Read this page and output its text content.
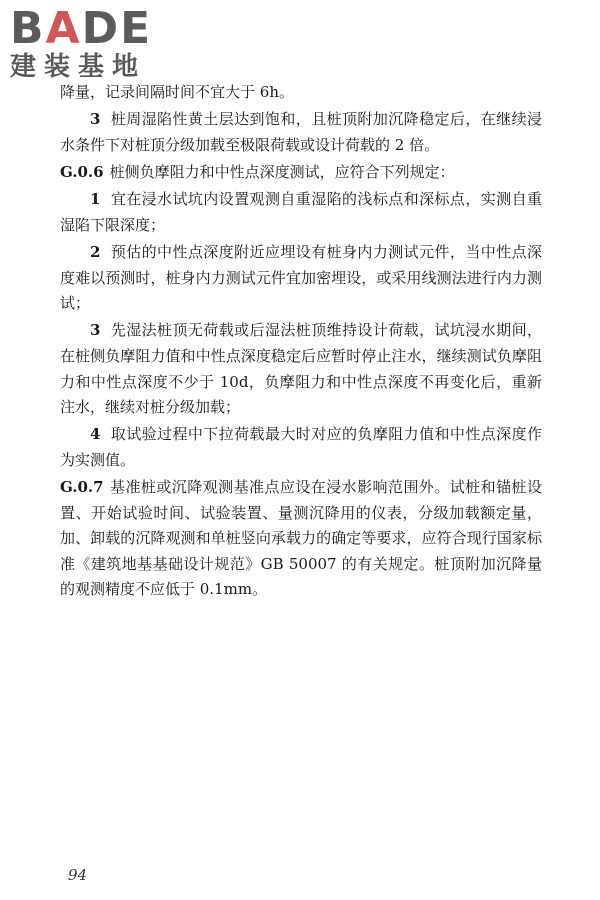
BADE
建装基地
降量，记录间隔时间不宜大于 6h。
3 桩周湿陷性黄土层达到饱和，且桩顶附加沉降稳定后，在继续浸水条件下对桩顶分级加载至极限荷载或设计荷载的 2 倍。
G.0.6 桩侧负摩阻力和中性点深度测试，应符合下列规定：
1 宜在浸水试坑内设置观测自重湿陷的浅标点和深标点，实测自重湿陷下限深度；
2 预估的中性点深度附近应埋设有桩身内力测试元件，当中性点深度难以预测时，桩身内力测试元件宜加密埋设，或采用线测法进行内力测试；
3 先湿法桩顶无荷载或后湿法桩顶维持设计荷载，试坑浸水期间，在桩侧负摩阻力值和中性点深度稳定后应暂时停止注水，继续测试负摩阻力和中性点深度不少于 10d，负摩阻力和中性点深度不再变化后，重新注水，继续对桩分级加载；
4 取试验过程中下拉荷载最大时对应的负摩阻力值和中性点深度作为实测值。
G.0.7 基准桩或沉降观测基准点应设在浸水影响范围外。试桩和锚桩设置、开始试验时间、试验装置、量测沉降用的仪表，分级加载额定量，加、卸载的沉降观测和单桩竖向承载力的确定等要求，应符合现行国家标准《建筑地基基础设计规范》GB 50007 的有关规定。桩顶附加沉降量的观测精度不应低于 0.1mm。
94
